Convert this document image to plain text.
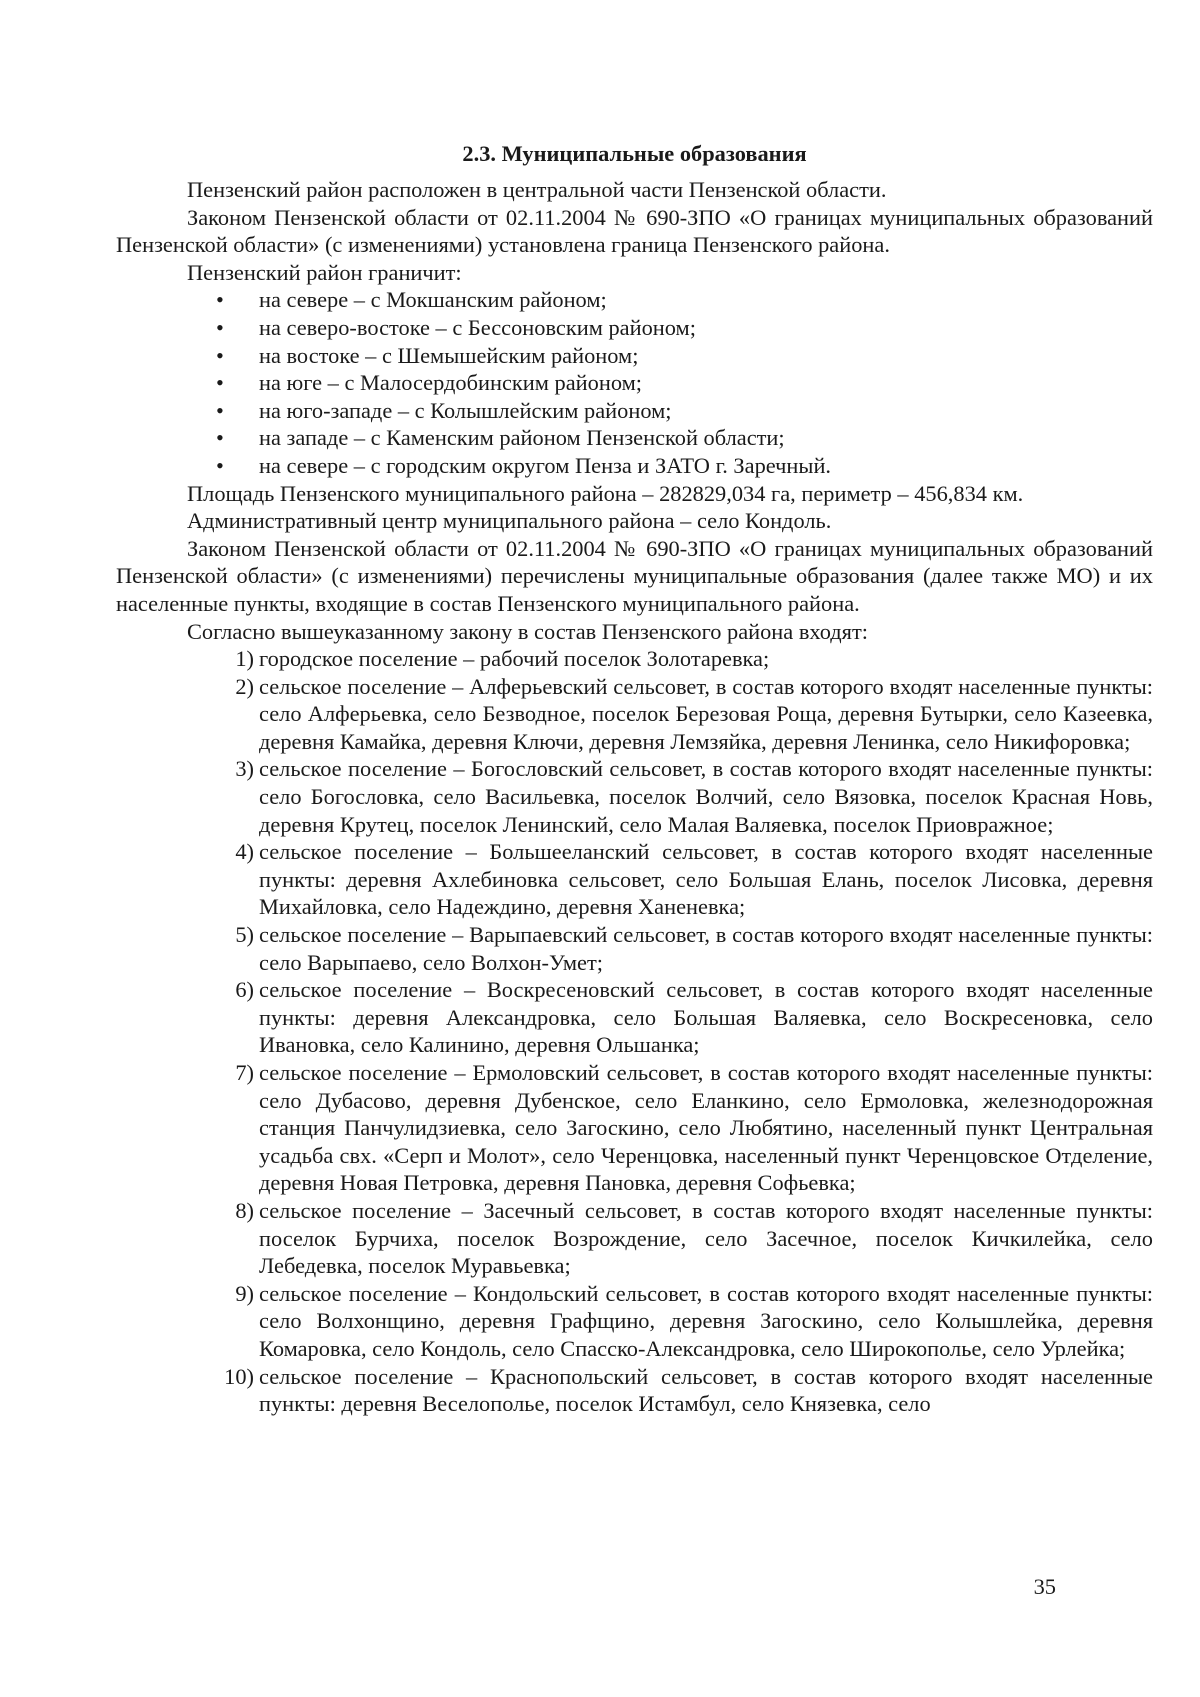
2.3. Муниципальные образования

Пензенский район расположен в центральной части Пензенской области.

Законом Пензенской области от 02.11.2004 № 690-ЗПО «О границах муниципальных образований Пензенской области» (с изменениями) установлена граница Пензенского района.

Пензенский район граничит:

• на севере – с Мокшанским районом;
• на северо-востоке – с Бессоновским районом;
• на востоке – с Шемышейским районом;
• на юге – с Малосердобинским районом;
• на юго-западе – с Колышлейским районом;
• на западе – с Каменским районом Пензенской области;
• на севере – с городским округом Пенза и ЗАТО г. Заречный.

Площадь Пензенского муниципального района – 282829,034 га, периметр – 456,834 км.

Административный центр муниципального района – село Кондоль.

Законом Пензенской области от 02.11.2004 № 690-ЗПО «О границах муниципальных образований Пензенской области» (с изменениями) перечислены муниципальные образования (далее также МО) и их населенные пункты, входящие в состав Пензенского муниципального района.

Согласно вышеуказанному закону в состав Пензенского района входят:

1) городское поселение – рабочий поселок Золотаревка;
2) сельское поселение – Алферьевский сельсовет, в состав которого входят населенные пункты: село Алферьевка, село Безводное, поселок Березовая Роща, деревня Бутырки, село Казеевка, деревня Камайка, деревня Ключи, деревня Лемзяйка, деревня Ленинка, село Никифоровка;
3) сельское поселение – Богословский сельсовет, в состав которого входят населенные пункты: село Богословка, село Васильевка, поселок Волчий, село Вязовка, поселок Красная Новь, деревня Крутец, поселок Ленинский, село Малая Валяевка, поселок Приовражное;
4) сельское поселение – Большееланский сельсовет, в состав которого входят населенные пункты: деревня Ахлебиновка сельсовет, село Большая Елань, поселок Лисовка, деревня Михайловка, село Надеждино, деревня Ханеневка;
5) сельское поселение – Варыпаевский сельсовет, в состав которого входят населенные пункты: село Варыпаево, село Волхон-Умет;
6) сельское поселение – Воскресеновский сельсовет, в состав которого входят населенные пункты: деревня Александровка, село Большая Валяевка, село Воскресеновка, село Ивановка, село Калинино, деревня Ольшанка;
7) сельское поселение – Ермоловский сельсовет, в состав которого входят населенные пункты: село Дубасово, деревня Дубенское, село Еланкино, село Ермоловка, железнодорожная станция Панчулидзиевка, село Загоскино, село Любятино, населенный пункт Центральная усадьба свх. «Серп и Молот», село Черенцовка, населенный пункт Черенцовское Отделение, деревня Новая Петровка, деревня Пановка, деревня Софьевка;
8) сельское поселение – Засечный сельсовет, в состав которого входят населенные пункты: поселок Бурчиха, поселок Возрождение, село Засечное, поселок Кичкилейка, село Лебедевка, поселок Муравьевка;
9) сельское поселение – Кондольский сельсовет, в состав которого входят населенные пункты: село Волхонщино, деревня Графщино, деревня Загоскино, село Колышлейка, деревня Комаровка, село Кондоль, село Спасско-Александровка, село Широкополье, село Урлейка;
10) сельское поселение – Краснопольский сельсовет, в состав которого входят населенные пункты: деревня Веселополье, поселок Истамбул, село Князевка, село
35
